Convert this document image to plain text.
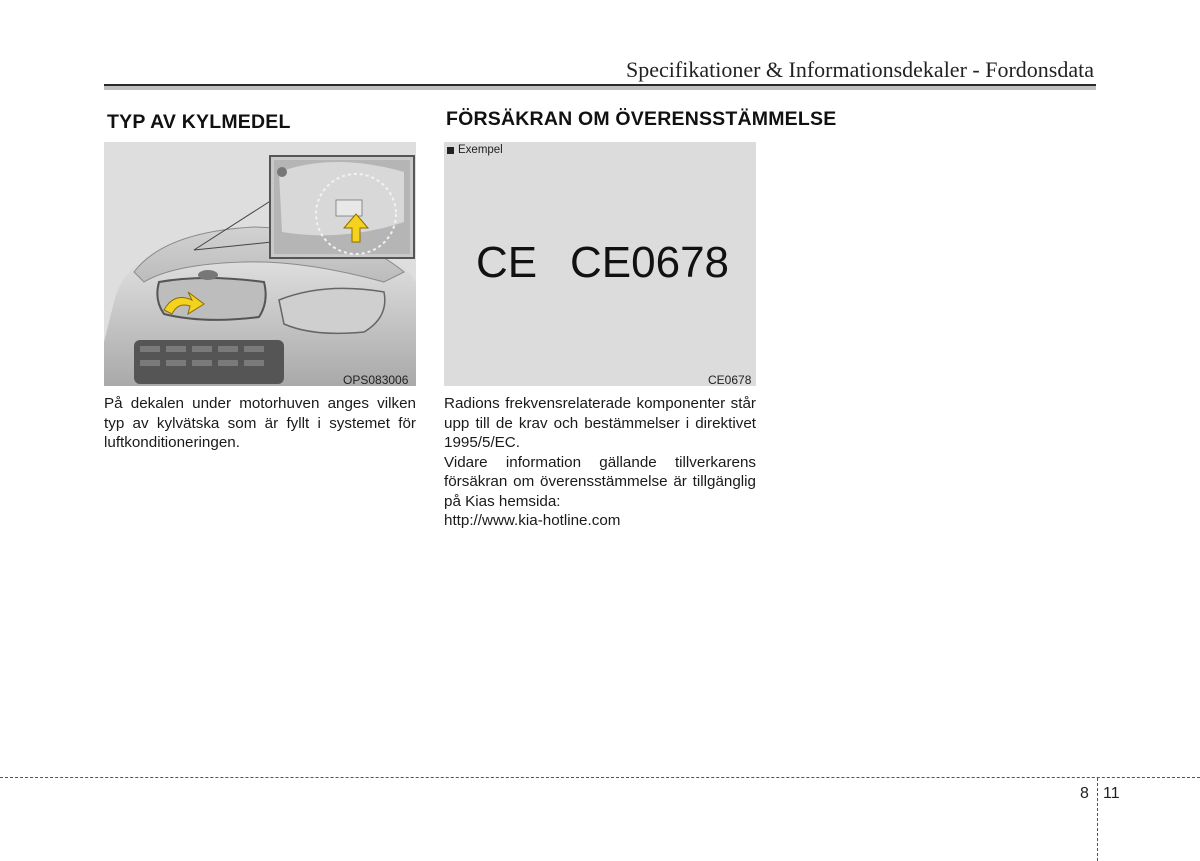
Specifikationer & Informationsdekaler - Fordonsdata
TYP AV KYLMEDEL
OPS083006

På dekalen under motorhuven anges vilken typ av kylvätska som är fyllt i systemet för luftkonditioneringen.

FÖRSÄKRAN OM ÖVERENSSTÄMMELSE
Exempel
CE CE0678
CE0678

Radions frekvensrelaterade komponenter står upp till de krav och bestämmelser i direktivet 1995/5/EC.

Vidare information gällande tillverkarens försäkran om överensstämmelse är tillgänglig på Kias hemsida:

http://www.kia-hotline.com

8 11
